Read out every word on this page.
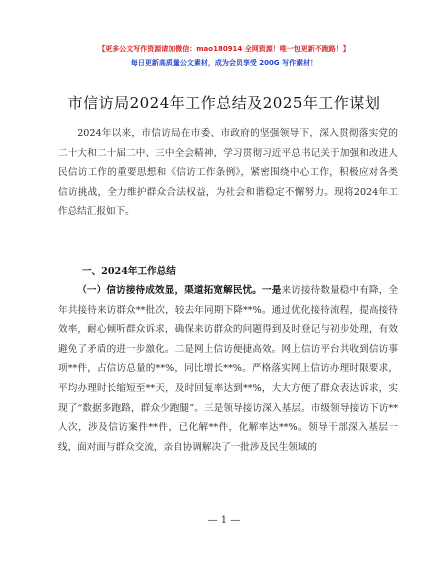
【更多公文写作资源请加微信：mao180914 全网资源！唯一包更新不跑路！】
每日更新高质量公文素材，成为会员享受 200G 写作素材！
市信访局2024年工作总结及2025年工作谋划
2024年以来，市信访局在市委、市政府的坚强领导下，深入贯彻落实党的二十大和二十届二中、三中全会精神，学习贯彻习近平总书记关于加强和改进人民信访工作的重要思想和《信访工作条例》，紧密围绕中心工作，积极应对各类信访挑战，全力维护群众合法权益，为社会和谐稳定不懈努力。现将2024年工作总结汇报如下。
一、2024年工作总结
（一）信访接待成效显，渠道拓宽解民忧。一是来访接待数量稳中有降，全年共接待来访群众**批次，较去年同期下降**%。通过优化接待流程，提高接待效率，耐心倾听群众诉求，确保来访群众的问题得到及时登记与初步处理，有效避免了矛盾的进一步激化。二是网上信访便捷高效。网上信访平台共收到信访事项**件，占信访总量的**%，同比增长**%。严格落实网上信访办理时限要求，平均办理时长缩短至**天，及时回复率达到**%，大大方便了群众表达诉求，实现了“数据多跑路，群众少跑腿”。三是领导接访深入基层。市级领导接访下访**人次，涉及信访案件**件，已化解**件，化解率达**%。领导干部深入基层一线，面对面与群众交流，亲自协调解决了一批涉及民生领域的
— 1 —
